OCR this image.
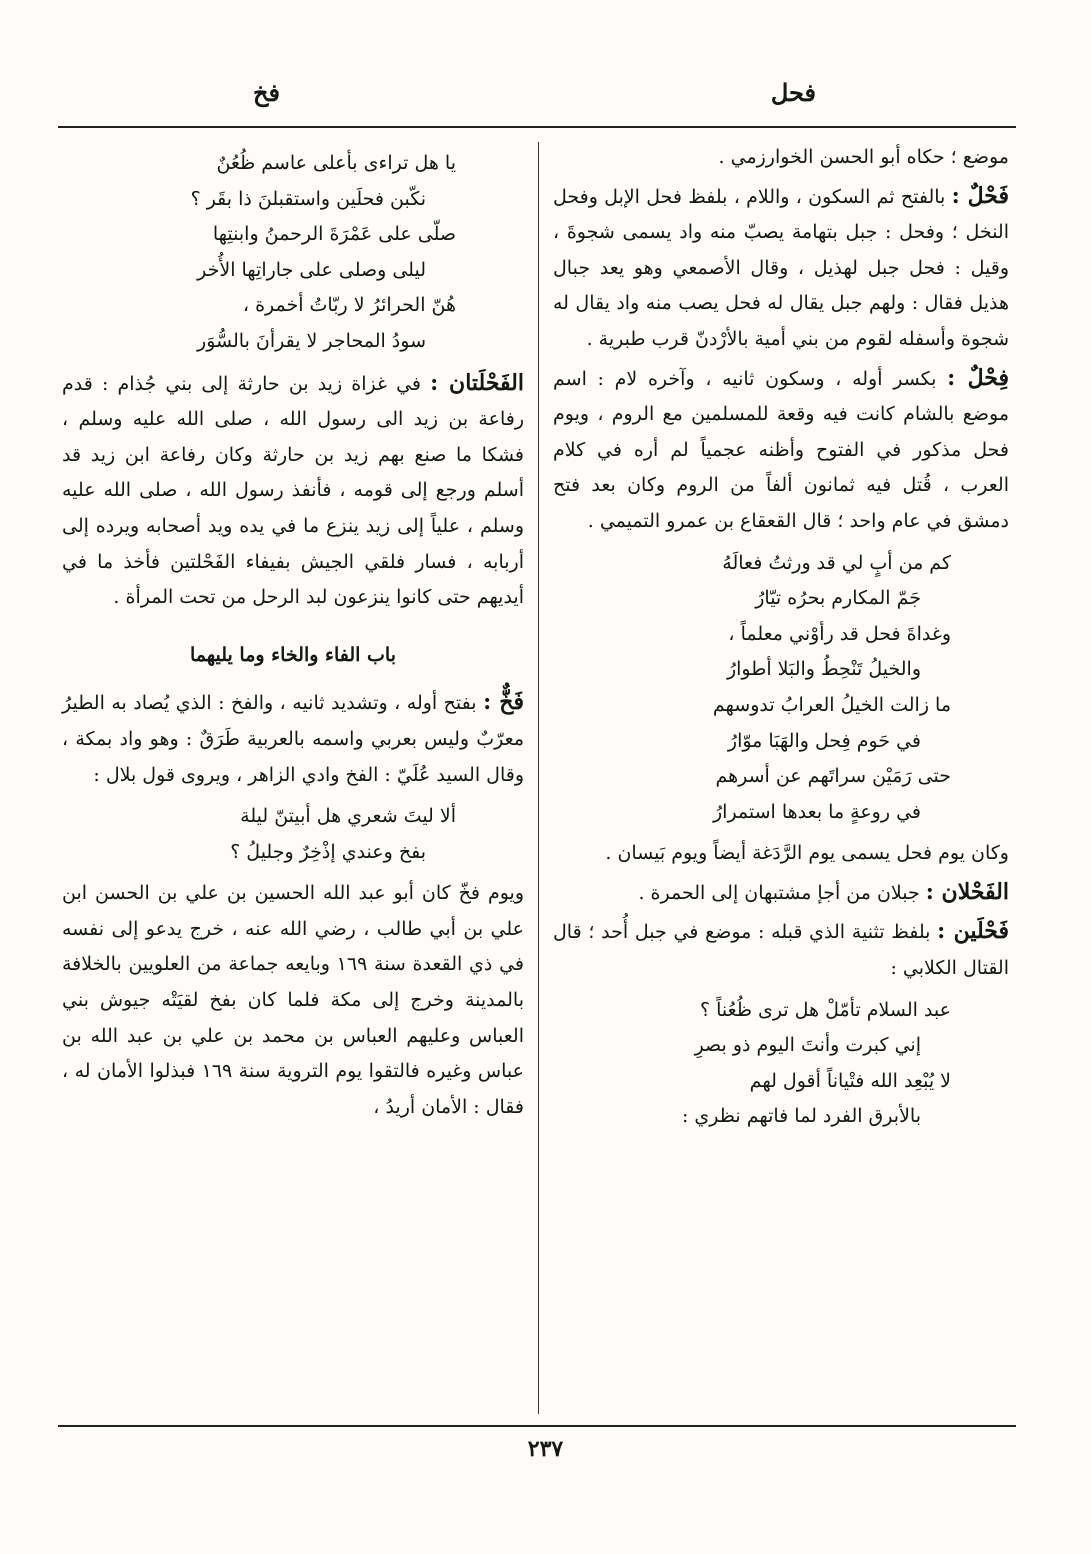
فحل
فخ

موضع ؛ حكاه أبو الحسن الخوارزمي .

فَحْلٌ : بالفتح ثم السكون ، واللام ، بلفظ فحل الإبل وفحل النخل ؛ وفحل : جبل بتهامة يصبّ منه واد يسمى شجوةَ ، وقيل : فحل جبل لهذيل ، وقال الأصمعي وهو يعد جبال هذيل فقال : ولهم جبل يقال له فحل يصب منه واد يقال له شجوة وأسفله لقوم من بني أمية بالأرْدنّ قرب طبرية .

فِحْلٌ : بكسر أوله ، وسكون ثانيه ، وآخره لام : اسم موضع بالشام كانت فيه وقعة للمسلمين مع الروم ، ويوم فحل مذكور في الفتوح وأظنه عجمياً لم أره في كلام العرب ، قُتل فيه ثمانون ألفاً من الروم وكان بعد فتح دمشق في عام واحد ؛ قال القعقاع بن عمرو التميمي .

كم من أبٍ لي قد ورثتُ فعالَهُ
جَمّ المكارم بحرُه تيّارُ
وغداةَ فحل قد رأوْني معلماً ،
والخيلُ تَنْحِطُ والبَلا أطوارُ
ما زالت الخيلُ العرابُ تدوسهم
في حَوم فِحل والهَبَا موّارُ
حتى رَمَيْن سراتَهم عن أسرهم
في روعةٍ ما بعدها استمرارُ

وكان يوم فحل يسمى يوم الرَّدَغة أيضاً ويوم بَيسان .

الفَحْلان : جبلان من أجإ مشتبهان إلى الحمرة .

فَحْلَين : بلفظ تثنية الذي قبله : موضع في جبل أُحد ؛ قال القتال الكلابي :

عبد السلام تأمّلْ هل ترى ظُعُناً ؟
إني كبرت وأنتَ اليوم ذو بصرِ
لا يُبْعِد الله فتْياناً أقول لهم
بالأبرق الفرد لما فاتهم نظري :
يا هل تراءى بأعلى عاسم ظُعُنٌ
نكّبن فحلَين واستقبلنَ ذا بقَر ؟
صلّى على عَمْرَةَ الرحمنُ وابنتِها
ليلى وصلى على جاراتِها الأُخر
هُنّ الحرائرُ لا ربّاتُ أخمرة ،
سودُ المحاجر لا يقرأنَ بالسُّوَر

الفَحْلَتان : في غزاة زيد بن حارثة إلى بني جُذام : قدم رفاعة بن زيد الى رسول الله ، صلى الله عليه وسلم ، فشكا ما صنع بهم زيد بن حارثة وكان رفاعة ابن زيد قد أسلم ورجع إلى قومه ، فأنفذ رسول الله ، صلى الله عليه وسلم ، علياً إلى زيد ينزع ما في يده ويد أصحابه ويرده إلى أربابه ، فسار فلقي الجيش بفيفاء الفَحْلتين فأخذ ما في أيديهم حتى كانوا ينزعون لبد الرحل من تحت المرأة .

باب الفاء والخاء وما يليهما

فَخٌّ : بفتح أوله ، وتشديد ثانيه ، والفخ : الذي يُصاد به الطيرُ معرّبٌ وليس بعربي واسمه بالعربية طَرَقٌ : وهو واد بمكة ، وقال السيد عُلَيّ : الفخ وادي الزاهر ، ويروى قول بلال :

ألا ليتَ شعري هل أبيتنّ ليلة
بفخ وعندي إذْخِرٌ وجليلُ ؟

ويوم فخّ كان أبو عبد الله الحسين بن علي بن الحسن ابن علي بن أبي طالب ، رضي الله عنه ، خرج يدعو إلى نفسه في ذي القعدة سنة ١٦٩ وبايعه جماعة من العلويين بالخلافة بالمدينة وخرج إلى مكة فلما كان بفخ لقيَتْه جيوش بني العباس وعليهم العباس بن محمد بن علي بن عبد الله بن عباس وغيره فالتقوا يوم التروية سنة ١٦٩ فبذلوا الأمان له ، فقال : الأمان أريدُ ،

٢٣٧
